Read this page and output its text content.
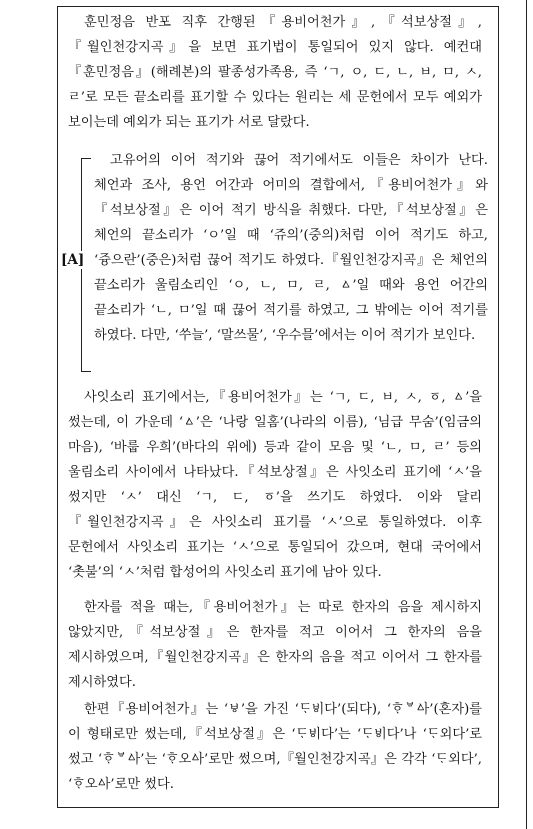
훈민정음 반포 직후 간행된『용비어천가』,『석보상절』,『월인천강지곡』을 보면 표기법이 통일되어 있지 않다. 예컨대『훈민정음』(해례본)의 팔종성가족용, 즉 ‘ㄱ, ㅇ, ㄷ, ㄴ, ㅂ, ㅁ, ㅅ, ㄹ’로 모든 끝소리를 표기할 수 있다는 원리는 세 문헌에서 모두 예외가 보이는데 예외가 되는 표기가 서로 달랐다.

[A]

고유어의 이어 적기와 끊어 적기에서도 이들은 차이가 난다. 체언과 조사, 용언 어간과 어미의 결합에서,『용비어천가』와『석보상절』은 이어 적기 방식을 취했다. 다만,『석보상절』은 체언의 끝소리가 ‘ㅇ’일 때 ‘쥬의’(중의)처럼 이어 적기도 하고, ‘즁으란’(중은)처럼 끊어 적기도 하였다.『월인천강지곡』은 체언의 끝소리가 울림소리인 ‘ㅇ, ㄴ, ㅁ, ㄹ, ㅿ’일 때와 용언 어간의 끝소리가 ‘ㄴ, ㅁ’일 때 끊어 적기를 하였고, 그 밖에는 이어 적기를 하였다. 다만, ‘쑤늘’, ‘말쓰물’, ‘우수믈’에서는 이어 적기가 보인다.

사잇소리 표기에서는,『용비어천가』는 ‘ㄱ, ㄷ, ㅂ, ㅅ, ㆆ, ㅿ’을 썼는데, 이 가운데 ‘ㅿ’은 ‘나랑 일홈’(나라의 이름), ‘님급 무숨’(임금의 마음), ‘바룹 우희’(바다의 위에) 등과 같이 모음 및 ‘ㄴ, ㅁ, ㄹ’ 등의 울림소리 사이에서 나타났다.『석보상절』은 사잇소리 표기에 ‘ㅅ’을 썼지만 ‘ㅅ’ 대신 ‘ㄱ, ㄷ, ㆆ’을 쓰기도 하였다. 이와 달리『월인천강지곡』은 사잇소리 표기를 ‘ㅅ’으로 통일하였다. 이후 문헌에서 사잇소리 표기는 ‘ㅅ’으로 통일되어 갔으며, 현대 국어에서 ‘촛불’의 ‘ㅅ’처럼 합성어의 사잇소리 표기에 남아 있다.

한자를 적을 때는,『용비어천가』는 따로 한자의 음을 제시하지 않았지만,『석보상절』은 한자를 적고 이어서 그 한자의 음을 제시하였으며,『월인천강지곡』은 한자의 음을 적고 이어서 그 한자를 제시하였다.

한편『용비어천가』는 ‘ㅸ’을 가진 ‘ᄃᆞᄫᅵ다’(되다), ‘ᄒᆞᄫᅀᅡ’(혼자)를 이 형태로만 썼는데,『석보상절』은 ‘ᄃᆞᄫᅵ다’는 ‘ᄃᆞᄫᅵ다’나 ‘ᄃᆞ외다’로 썼고 ‘ᄒᆞᄫᅀᅡ’는 ‘ᄒᆞ오ᅀᅡ’로만 썼으며,『월인천강지곡』은 각각 ‘ᄃᆞ외다’, ‘ᄒᆞ오ᅀᅡ’로만 썼다.
